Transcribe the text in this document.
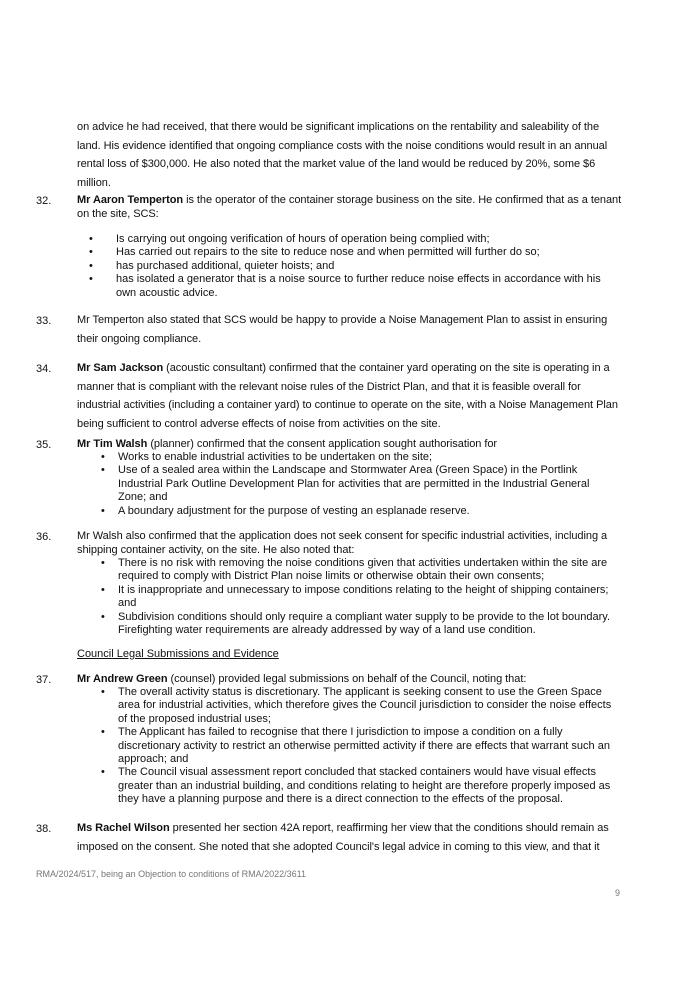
on advice he had received, that there would be significant implications on the rentability and saleability of the land. His evidence identified that ongoing compliance costs with the noise conditions would result in an annual rental loss of $300,000. He also noted that the market value of the land would be reduced by 20%, some $6 million.
32. Mr Aaron Temperton is the operator of the container storage business on the site. He confirmed that as a tenant on the site, SCS:
• Is carrying out ongoing verification of hours of operation being complied with;
• Has carried out repairs to the site to reduce nose and when permitted will further do so;
• has purchased additional, quieter hoists; and
• has isolated a generator that is a noise source to further reduce noise effects in accordance with his own acoustic advice.
33. Mr Temperton also stated that SCS would be happy to provide a Noise Management Plan to assist in ensuring their ongoing compliance.
34. Mr Sam Jackson (acoustic consultant) confirmed that the container yard operating on the site is operating in a manner that is compliant with the relevant noise rules of the District Plan, and that it is feasible overall for industrial activities (including a container yard) to continue to operate on the site, with a Noise Management Plan being sufficient to control adverse effects of noise from activities on the site.
35. Mr Tim Walsh (planner) confirmed that the consent application sought authorisation for
• Works to enable industrial activities to be undertaken on the site;
• Use of a sealed area within the Landscape and Stormwater Area (Green Space) in the Portlink Industrial Park Outline Development Plan for activities that are permitted in the Industrial General Zone; and
• A boundary adjustment for the purpose of vesting an esplanade reserve.
36. Mr Walsh also confirmed that the application does not seek consent for specific industrial activities, including a shipping container activity, on the site. He also noted that:
• There is no risk with removing the noise conditions given that activities undertaken within the site are required to comply with District Plan noise limits or otherwise obtain their own consents;
• It is inappropriate and unnecessary to impose conditions relating to the height of shipping containers; and
• Subdivision conditions should only require a compliant water supply to be provide to the lot boundary. Firefighting water requirements are already addressed by way of a land use condition.
Council Legal Submissions and Evidence
37. Mr Andrew Green (counsel) provided legal submissions on behalf of the Council, noting that:
• The overall activity status is discretionary. The applicant is seeking consent to use the Green Space area for industrial activities, which therefore gives the Council jurisdiction to consider the noise effects of the proposed industrial uses;
• The Applicant has failed to recognise that there I jurisdiction to impose a condition on a fully discretionary activity to restrict an otherwise permitted activity if there are effects that warrant such an approach; and
• The Council visual assessment report concluded that stacked containers would have visual effects greater than an industrial building, and conditions relating to height are therefore properly imposed as they have a planning purpose and there is a direct connection to the effects of the proposal.
38. Ms Rachel Wilson presented her section 42A report, reaffirming her view that the conditions should remain as imposed on the consent. She noted that she adopted Council's legal advice in coming to this view, and that it
RMA/2024/517, being an Objection to conditions of RMA/2022/3611
9
